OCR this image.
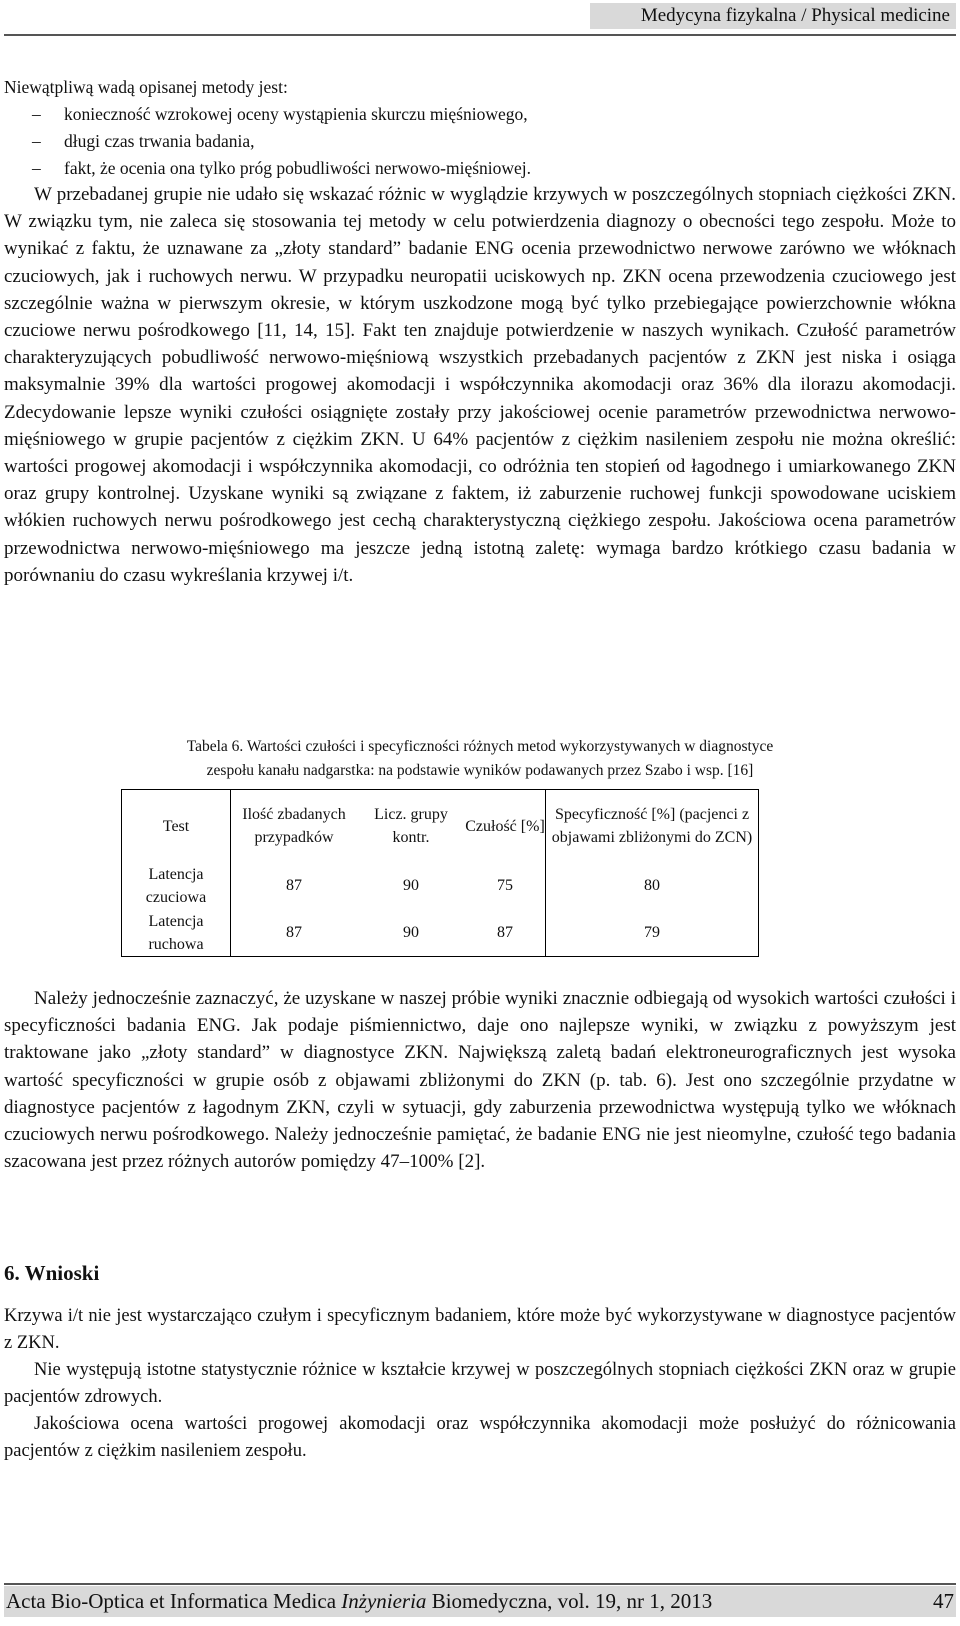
Medycyna fizykalna / Physical medicine
Niewątpliwą wadą opisanej metody jest:
– konieczność wzrokowej oceny wystąpienia skurczu mięśniowego,
– długi czas trwania badania,
– fakt, że ocenia ona tylko próg pobudliwości nerwowo-mięśniowej.

W przebadanej grupie nie udało się wskazać różnic w wyglądzie krzywych w poszczególnych stopniach ciężkości ZKN. W związku tym, nie zaleca się stosowania tej metody w celu potwierdzenia diagnozy o obecności tego zespołu. Może to wynikać z faktu, że uznawane za „złoty standard” badanie ENG ocenia przewodnictwo nerwowe zarówno we włóknach czuciowych, jak i ruchowych nerwu. W przypadku neuropatii uciskowych np. ZKN ocena przewodzenia czuciowego jest szczególnie ważna w pierwszym okresie, w którym uszkodzone mogą być tylko przebiegające powierzchownie włókna czuciowe nerwu pośrodkowego [11, 14, 15]. Fakt ten znajduje potwierdzenie w naszych wynikach. Czułość parametrów charakteryzujących pobudliwość nerwowo-mięśniową wszystkich przebadanych pacjentów z ZKN jest niska i osiąga maksymalnie 39% dla wartości progowej akomodacji i współczynnika akomodacji oraz 36% dla ilorazu akomodacji. Zdecydowanie lepsze wyniki czułości osiągnięte zostały przy jakościowej ocenie parametrów przewodnictwa nerwowo-mięśniowego w grupie pacjentów z ciężkim ZKN. U 64% pacjentów z ciężkim nasileniem zespołu nie można określić: wartości progowej akomodacji i współczynnika akomodacji, co odróżnia ten stopień od łagodnego i umiarkowanego ZKN oraz grupy kontrolnej. Uzyskane wyniki są związane z faktem, iż zaburzenie ruchowej funkcji spowodowane uciskiem włókien ruchowych nerwu pośrodkowego jest cechą charakterystyczną ciężkiego zespołu. Jakościowa ocena parametrów przewodnictwa nerwowo-mięśniowego ma jeszcze jedną istotną zaletę: wymaga bardzo krótkiego czasu badania w porównaniu do czasu wykreślania krzywej i/t.

Tabela 6. Wartości czułości i specyficzności różnych metod wykorzystywanych w diagnostyce
zespołu kanału nadgarstka: na podstawie wyników podawanych przez Szabo i wsp. [16]
Test	Ilość zbadanych przypadków	Licz. grupy kontr.	Czułość [%]	Specyficzność [%] (pacjenci z objawami zbliżonymi do ZCN)
Latencja czuciowa	87	90	75	80
Latencja ruchowa	87	90	87	79

Należy jednocześnie zaznaczyć, że uzyskane w naszej próbie wyniki znacznie odbiegają od wysokich wartości czułości i specyficzności badania ENG. Jak podaje piśmiennictwo, daje ono najlepsze wyniki, w związku z powyższym jest traktowane jako „złoty standard” w diagnostyce ZKN. Największą zaletą badań elektroneurograficznych jest wysoka wartość specyficzności w grupie osób z objawami zbliżonymi do ZKN (p. tab. 6). Jest ono szczególnie przydatne w diagnostyce pacjentów z łagodnym ZKN, czyli w sytuacji, gdy zaburzenia przewodnictwa występują tylko we włóknach czuciowych nerwu pośrodkowego. Należy jednocześnie pamiętać, że badanie ENG nie jest nieomylne, czułość tego badania szacowana jest przez różnych autorów pomiędzy 47–100% [2].

6. Wnioski

Krzywa i/t nie jest wystarczająco czułym i specyficznym badaniem, które może być wykorzystywane w diagnostyce pacjentów z ZKN.

Nie występują istotne statystycznie różnice w kształcie krzywej w poszczególnych stopniach ciężkości ZKN oraz w grupie pacjentów zdrowych.

Jakościowa ocena wartości progowej akomodacji oraz współczynnika akomodacji może posłużyć do różnicowania pacjentów z ciężkim nasileniem zespołu.

Acta Bio-Optica et Informatica Medica Inżynieria Biomedyczna, vol. 19, nr 1, 2013	47
